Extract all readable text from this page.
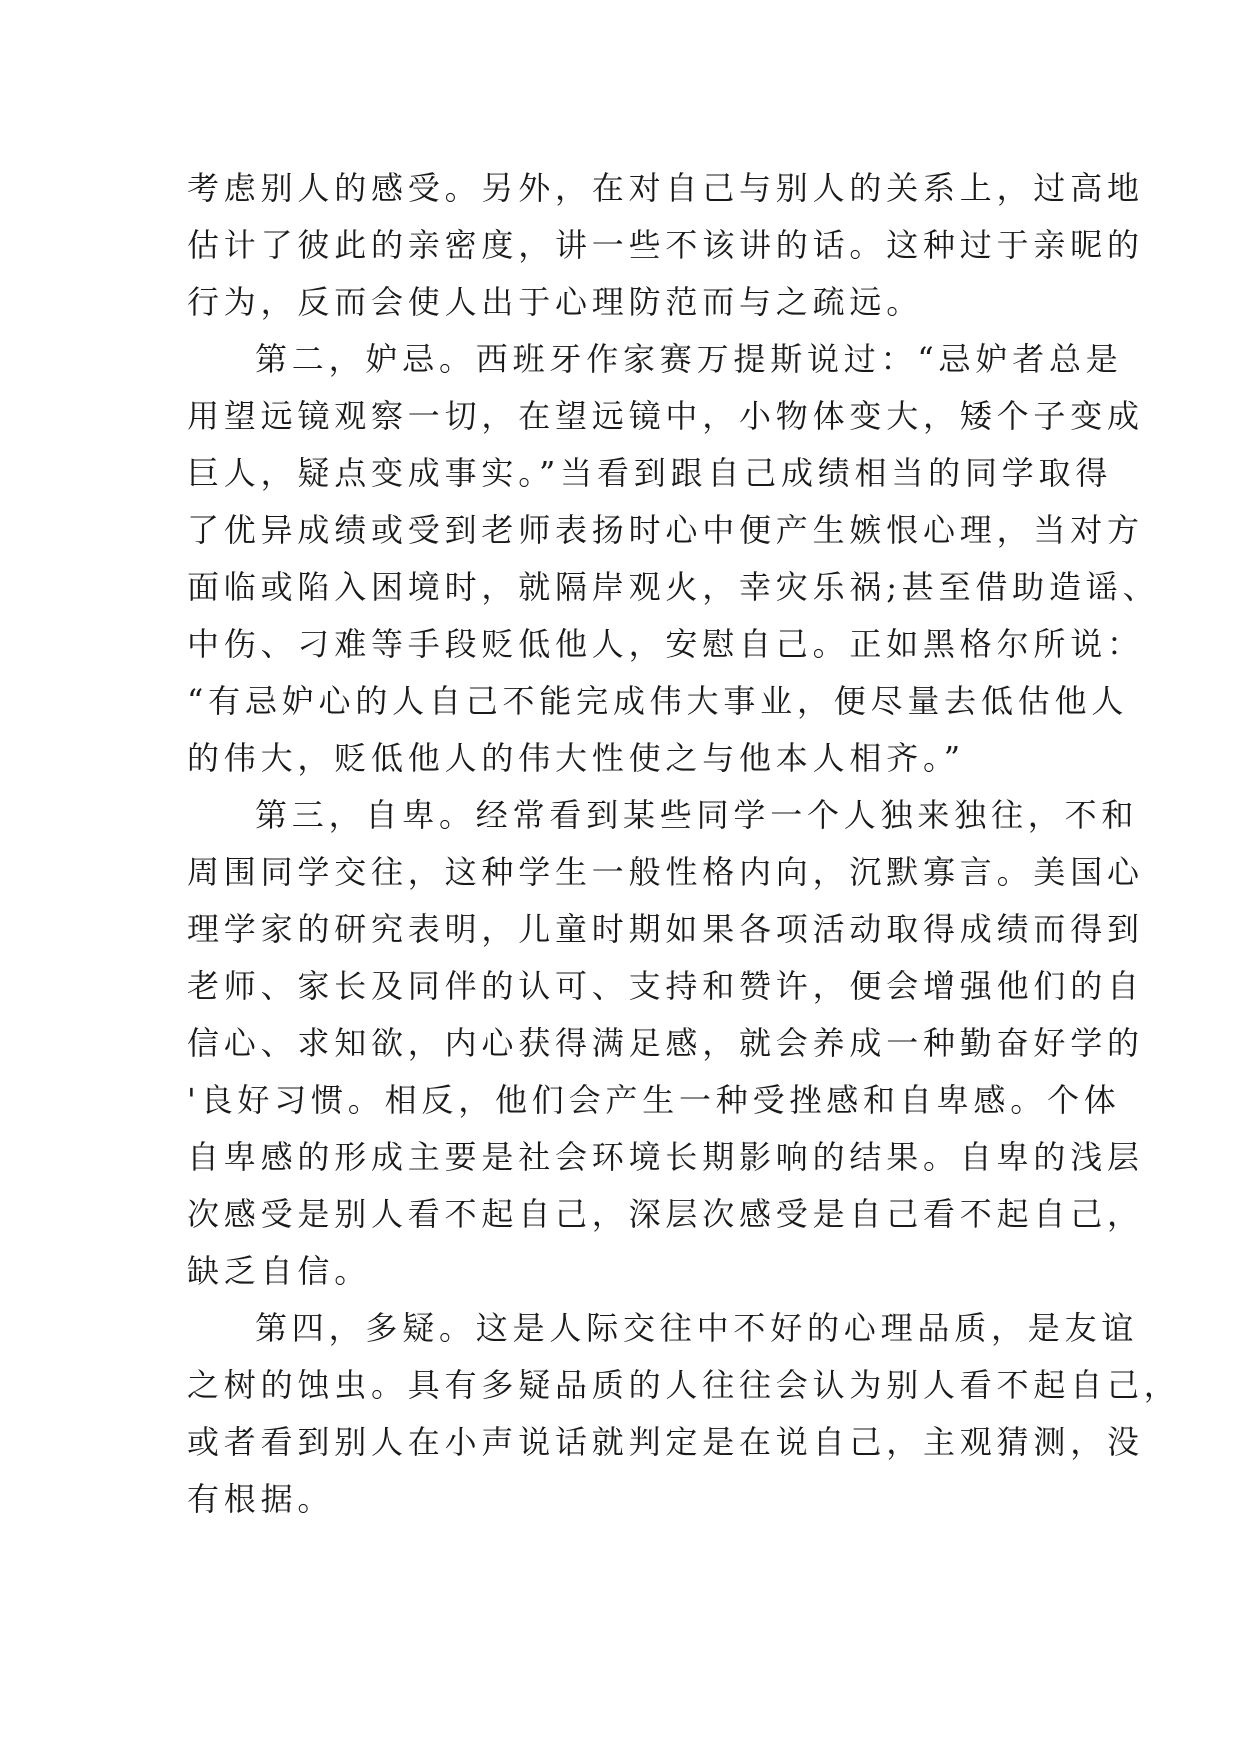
考虑别人的感受。另外，在对自己与别人的关系上，过高地
估计了彼此的亲密度，讲一些不该讲的话。这种过于亲昵的
行为，反而会使人出于心理防范而与之疏远。
第二，妒忌。西班牙作家赛万提斯说过：“忌妒者总是
用望远镜观察一切，在望远镜中，小物体变大，矮个子变成
巨人，疑点变成事实。”当看到跟自己成绩相当的同学取得
了优异成绩或受到老师表扬时心中便产生嫉恨心理，当对方
面临或陷入困境时，就隔岸观火，幸灾乐祸;甚至借助造谣、
中伤、刁难等手段贬低他人，安慰自己。正如黑格尔所说：
“有忌妒心的人自己不能完成伟大事业，便尽量去低估他人
的伟大，贬低他人的伟大性使之与他本人相齐。”
第三，自卑。经常看到某些同学一个人独来独往，不和
周围同学交往，这种学生一般性格内向，沉默寡言。美国心
理学家的研究表明，儿童时期如果各项活动取得成绩而得到
老师、家长及同伴的认可、支持和赞许，便会增强他们的自
信心、求知欲，内心获得满足感，就会养成一种勤奋好学的
'良好习惯。相反，他们会产生一种受挫感和自卑感。个体
自卑感的形成主要是社会环境长期影响的结果。自卑的浅层
次感受是别人看不起自己，深层次感受是自己看不起自己，
缺乏自信。
第四，多疑。这是人际交往中不好的心理品质，是友谊
之树的蚀虫。具有多疑品质的人往往会认为别人看不起自己，
或者看到别人在小声说话就判定是在说自己，主观猜测，没
有根据。
